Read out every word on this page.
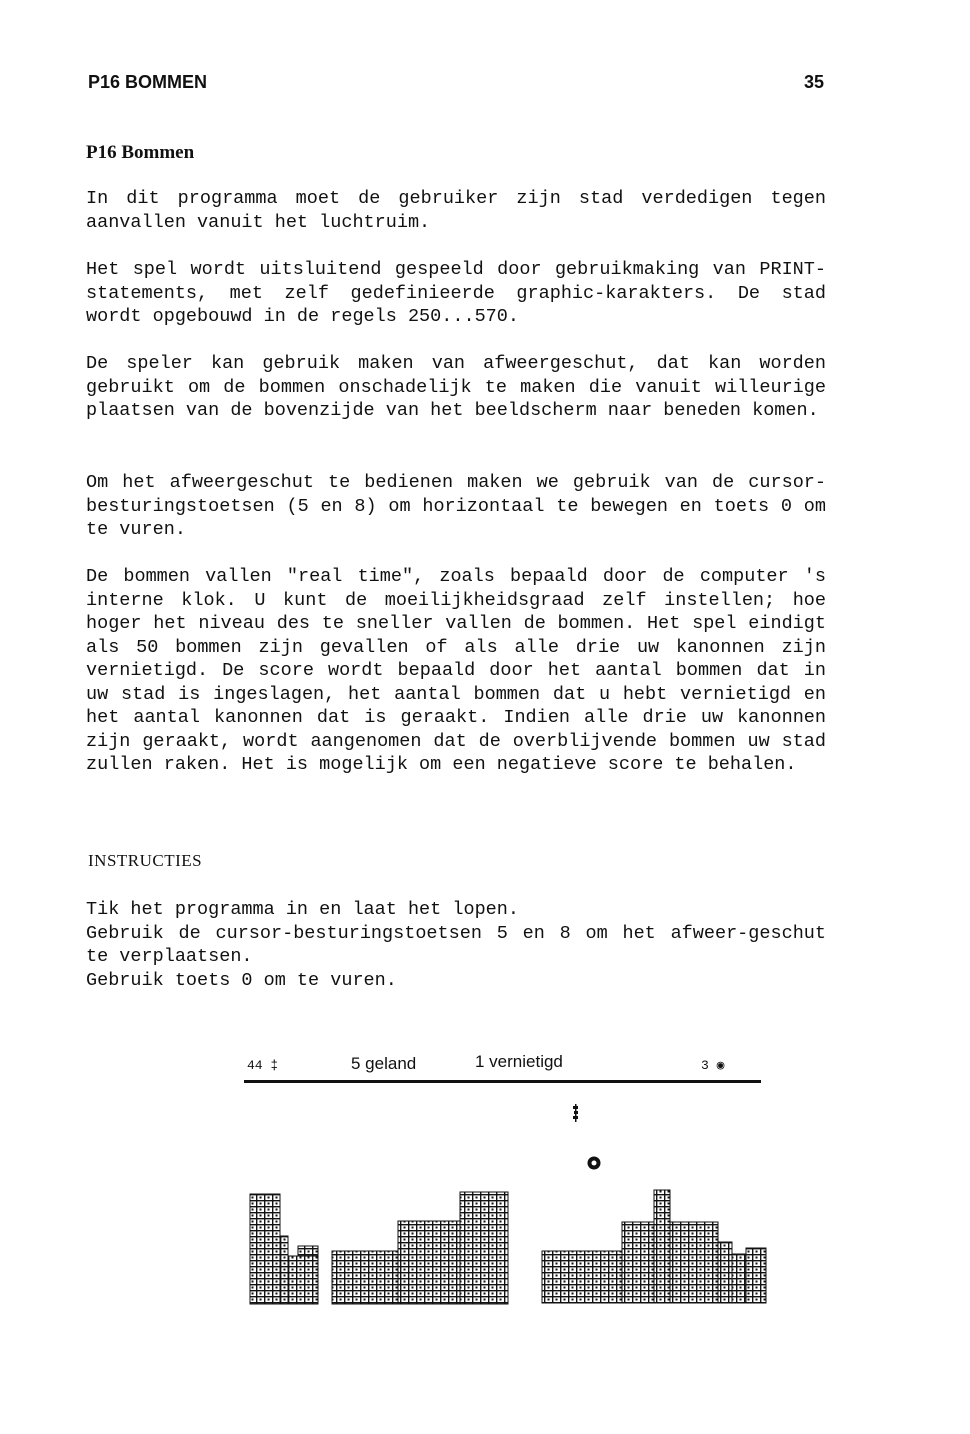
P16 BOMMEN	35
P16 Bommen

In dit programma moet de gebruiker zijn stad verdedigen tegen aanvallen vanuit het luchtruim.

Het spel wordt uitsluitend gespeeld door gebruikmaking van PRINT-statements, met zelf gedefinieerde graphic-karakters. De stad wordt opgebouwd in de regels 250...570.

De speler kan gebruik maken van afweergeschut, dat kan worden gebruikt om de bommen onschadelijk te maken die vanuit willeurige plaatsen van de bovenzijde van het beeldscherm naar beneden komen.

Om het afweergeschut te bedienen maken we gebruik van de cursor-besturingstoetsen (5 en 8) om horizontaal te bewegen en toets 0 om te vuren.

De bommen vallen "real time", zoals bepaald door de computer 's interne klok. U kunt de moeilijkheidsgraad zelf instellen; hoe hoger het niveau des te sneller vallen de bommen. Het spel eindigt als 50 bommen zijn gevallen of als alle drie uw kanonnen zijn vernietigd. De score wordt bepaald door het aantal bommen dat in uw stad is ingeslagen, het aantal bommen dat u hebt vernietigd en het aantal kanonnen dat is geraakt. Indien alle drie uw kanonnen zijn geraakt, wordt aangenomen dat de overblijvende bommen uw stad zullen raken. Het is mogelijk om een negatieve score te behalen.

INSTRUCTIES
Tik het programma in en laat het lopen.
Gebruik de cursor-besturingstoetsen 5 en 8 om het afweer-geschut te verplaatsen.
Gebruik toets 0 om te vuren.
44 ‡	5 geland	1 vernietigd	3 ◉
